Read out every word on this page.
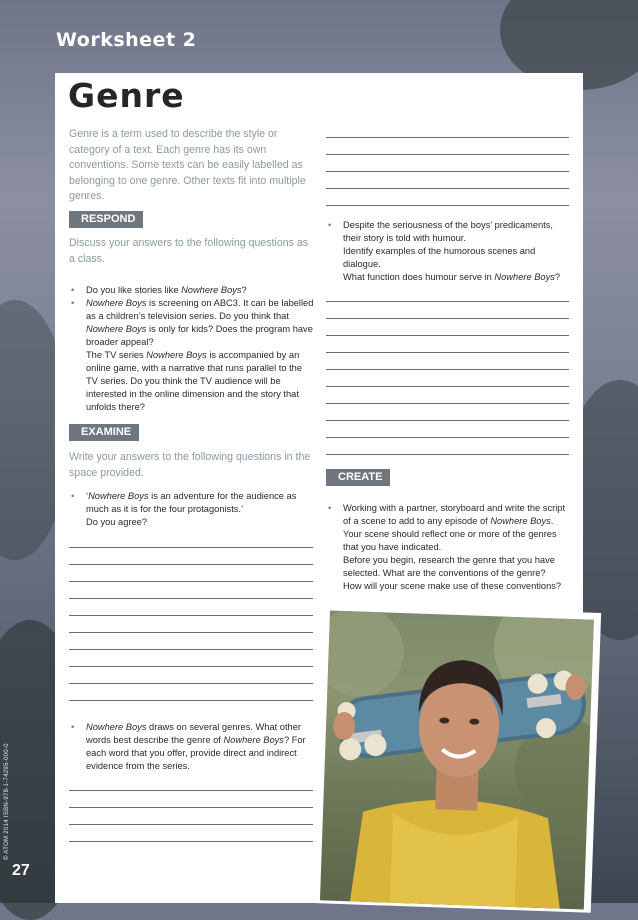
Worksheet 2
© ATOM 2014 ISBN-978-1-74295-000-0
27
Genre
Genre is a term used to describe the style or category of a text. Each genre has its own conventions. Some texts can be easily labelled as belonging to one genre. Other texts fit into multiple genres.
RESPOND
Discuss your answers to the following questions as a class.

• Do you like stories like Nowhere Boys?

• Nowhere Boys is screening on ABC3. It can be labelled as a children’s television series. Do you think that Nowhere Boys is only for kids? Does the program have broader appeal?

The TV series Nowhere Boys is accompanied by an online game, with a narrative that runs parallel to the TV series. Do you think the TV audience will be interested in the online dimension and the story that unfolds there?

EXAMINE
Write your answers to the following questions in the space provided.

• ‘Nowhere Boys is an adventure for the audience as much as it is for the four protagonists.’

Do you agree?

• Nowhere Boys draws on several genres. What other words best describe the genre of Nowhere Boys? For each word that you offer, provide direct and indirect evidence from the series.

• Despite the seriousness of the boys’ predicaments, their story is told with humour.

Identify examples of the humorous scenes and dialogue.

What function does humour serve in Nowhere Boys?

CREATE

• Working with a partner, storyboard and write the script of a scene to add to any episode of Nowhere Boys. Your scene should reflect one or more of the genres that you have indicated.

Before you begin, research the genre that you have selected. What are the conventions of the genre?

How will your scene make use of these conventions?
